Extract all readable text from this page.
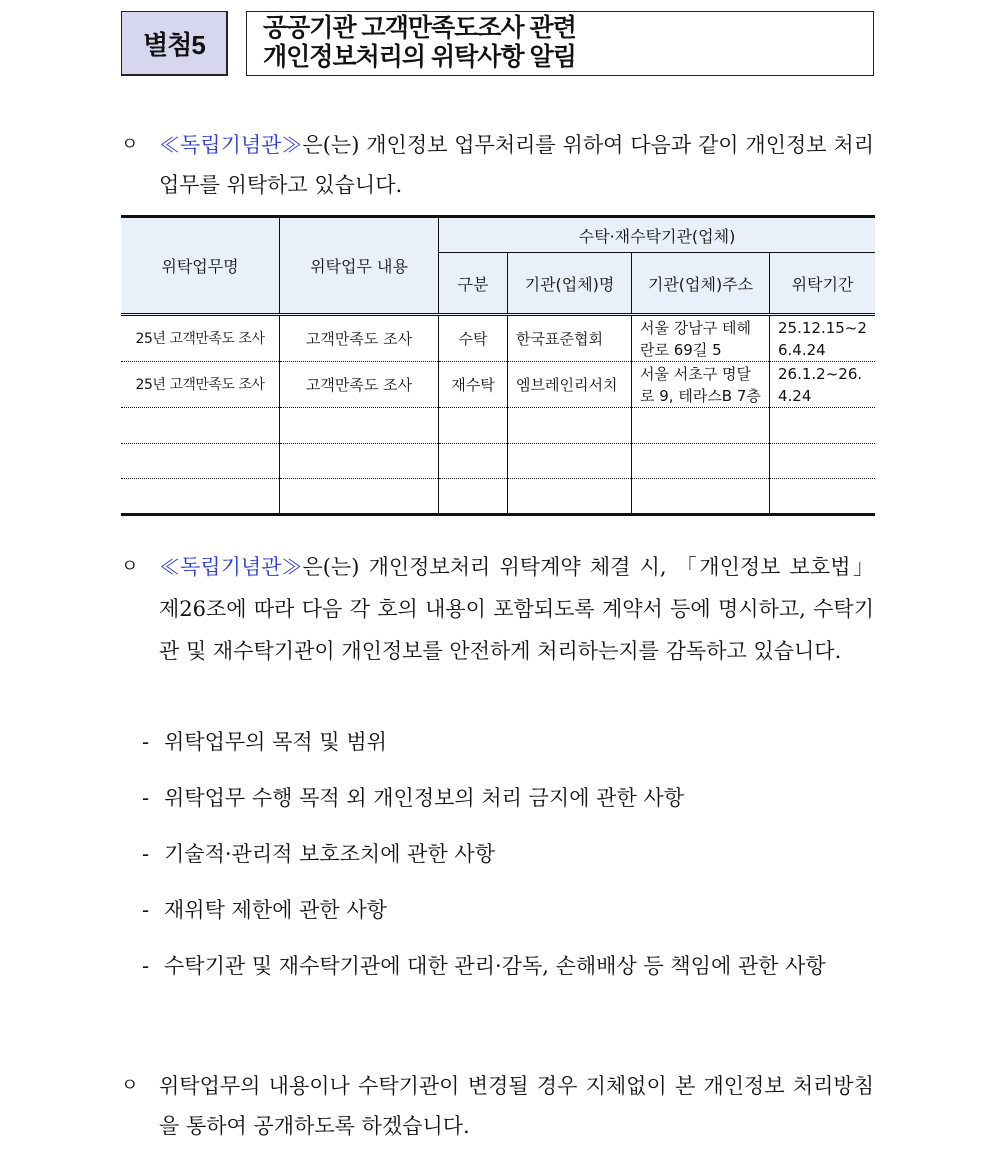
별첨5
공공기관 고객만족도조사 관련
개인정보처리의 위탁사항 알림
ㅇ ≪독립기념관≫은(는) 개인정보 업무처리를 위하여 다음과 같이 개인정보 처리업무를 위탁하고 있습니다.
위탁업무명	위탁업무 내용	수탁·재수탁기관(업체)			
		구분	기관(업체)명	기관(업체)주소	위탁기간
25년 고객만족도 조사	고객만족도 조사	수탁	한국표준협회	서울 강남구 테헤란로 69길 5	25.12.15~26.4.24
25년 고객만족도 조사	고객만족도 조사	재수탁	엠브레인리서치	서울 서초구 명달로 9, 테라스B 7층	26.1.2~26.4.24

ㅇ ≪독립기념관≫은(는) 개인정보처리 위탁계약 체결 시, 「개인정보 보호법」 제26조에 따라 다음 각 호의 내용이 포함되도록 계약서 등에 명시하고, 수탁기관 및 재수탁기관이 개인정보를 안전하게 처리하는지를 감독하고 있습니다.
- 위탁업무의 목적 및 범위
- 위탁업무 수행 목적 외 개인정보의 처리 금지에 관한 사항
- 기술적·관리적 보호조치에 관한 사항
- 재위탁 제한에 관한 사항
- 수탁기관 및 재수탁기관에 대한 관리·감독, 손해배상 등 책임에 관한 사항
ㅇ 위탁업무의 내용이나 수탁기관이 변경될 경우 지체없이 본 개인정보 처리방침을 통하여 공개하도록 하겠습니다.
